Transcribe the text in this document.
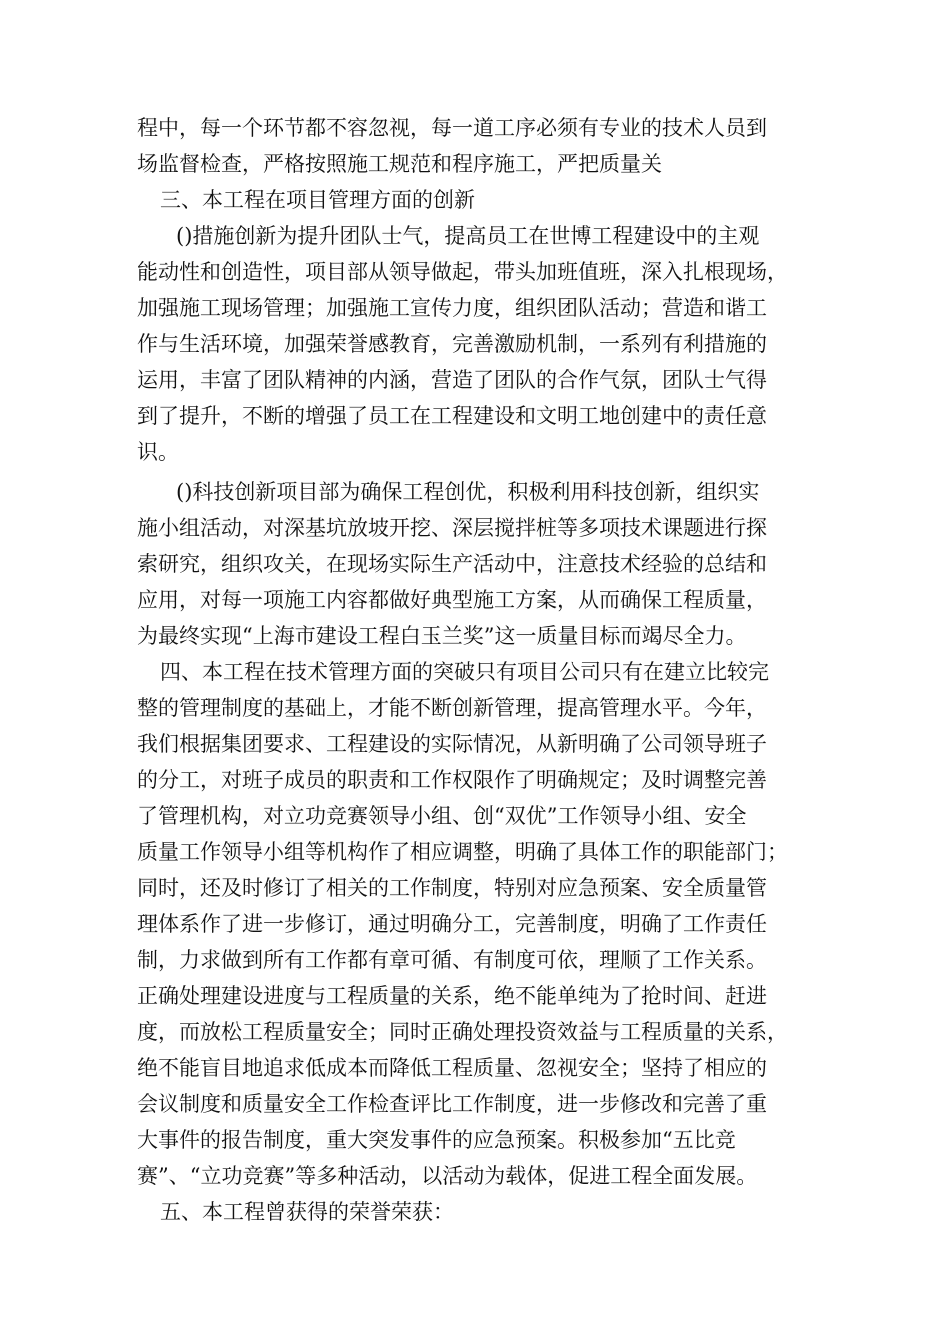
程中，每一个环节都不容忽视，每一道工序必须有专业的技术人员到
场监督检查，严格按照施工规范和程序施工，严把质量关
三、本工程在项目管理方面的创新
()措施创新为提升团队士气，提高员工在世博工程建设中的主观
能动性和创造性，项目部从领导做起，带头加班值班，深入扎根现场，
加强施工现场管理；加强施工宣传力度，组织团队活动；营造和谐工
作与生活环境，加强荣誉感教育，完善激励机制，一系列有利措施的
运用，丰富了团队精神的内涵，营造了团队的合作气氛，团队士气得
到了提升，不断的增强了员工在工程建设和文明工地创建中的责任意
识。
()科技创新项目部为确保工程创优，积极利用科技创新，组织实
施小组活动，对深基坑放坡开挖、深层搅拌桩等多项技术课题进行探
索研究，组织攻关，在现场实际生产活动中，注意技术经验的总结和
应用，对每一项施工内容都做好典型施工方案，从而确保工程质量，
为最终实现“上海市建设工程白玉兰奖”这一质量目标而竭尽全力。
四、本工程在技术管理方面的突破只有项目公司只有在建立比较完
整的管理制度的基础上，才能不断创新管理，提高管理水平。今年，
我们根据集团要求、工程建设的实际情况，从新明确了公司领导班子
的分工，对班子成员的职责和工作权限作了明确规定；及时调整完善
了管理机构，对立功竞赛领导小组、创“双优”工作领导小组、安全
质量工作领导小组等机构作了相应调整，明确了具体工作的职能部门；
同时，还及时修订了相关的工作制度，特别对应急预案、安全质量管
理体系作了进一步修订，通过明确分工，完善制度，明确了工作责任
制，力求做到所有工作都有章可循、有制度可依，理顺了工作关系。
正确处理建设进度与工程质量的关系，绝不能单纯为了抢时间、赶进
度，而放松工程质量安全；同时正确处理投资效益与工程质量的关系，
绝不能盲目地追求低成本而降低工程质量、忽视安全；坚持了相应的
会议制度和质量安全工作检查评比工作制度，进一步修改和完善了重
大事件的报告制度，重大突发事件的应急预案。积极参加“五比竞
赛”、“立功竞赛”等多种活动，以活动为载体，促进工程全面发展。
五、本工程曾获得的荣誉荣获：
